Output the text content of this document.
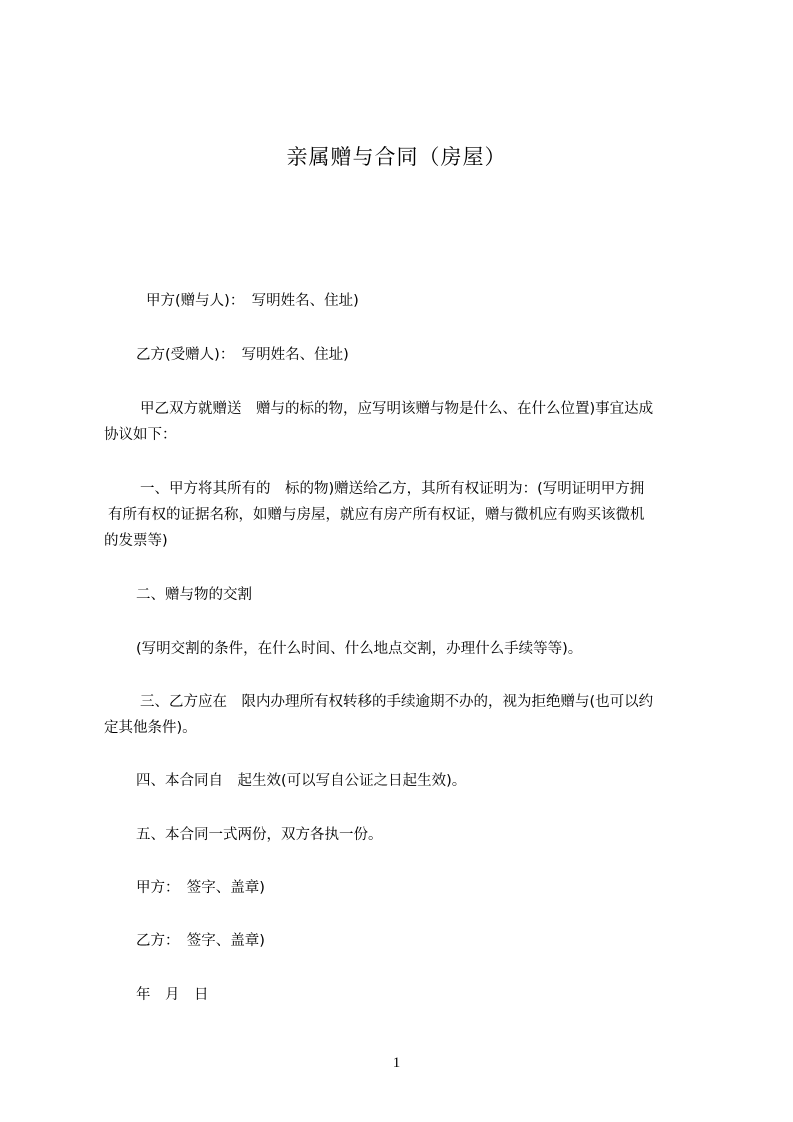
亲属赠与合同（房屋）
甲方(赠与人)：　写明姓名、住址)
乙方(受赠人)：　写明姓名、住址)
甲乙双方就赠送　赠与的标的物，应写明该赠与物是什么、在什么位置)事宜达成
协议如下：
一、甲方将其所有的　标的物)赠送给乙方，其所有权证明为：(写明证明甲方拥
有所有权的证据名称，如赠与房屋，就应有房产所有权证，赠与微机应有购买该微机
的发票等)
二、赠与物的交割
(写明交割的条件，在什么时间、什么地点交割，办理什么手续等等)。
三、乙方应在　限内办理所有权转移的手续逾期不办的，视为拒绝赠与(也可以约
定其他条件)。
四、本合同自　起生效(可以写自公证之日起生效)。
五、本合同一式两份，双方各执一份。
甲方：　签字、盖章)
乙方：　签字、盖章)
年　月　日
1
